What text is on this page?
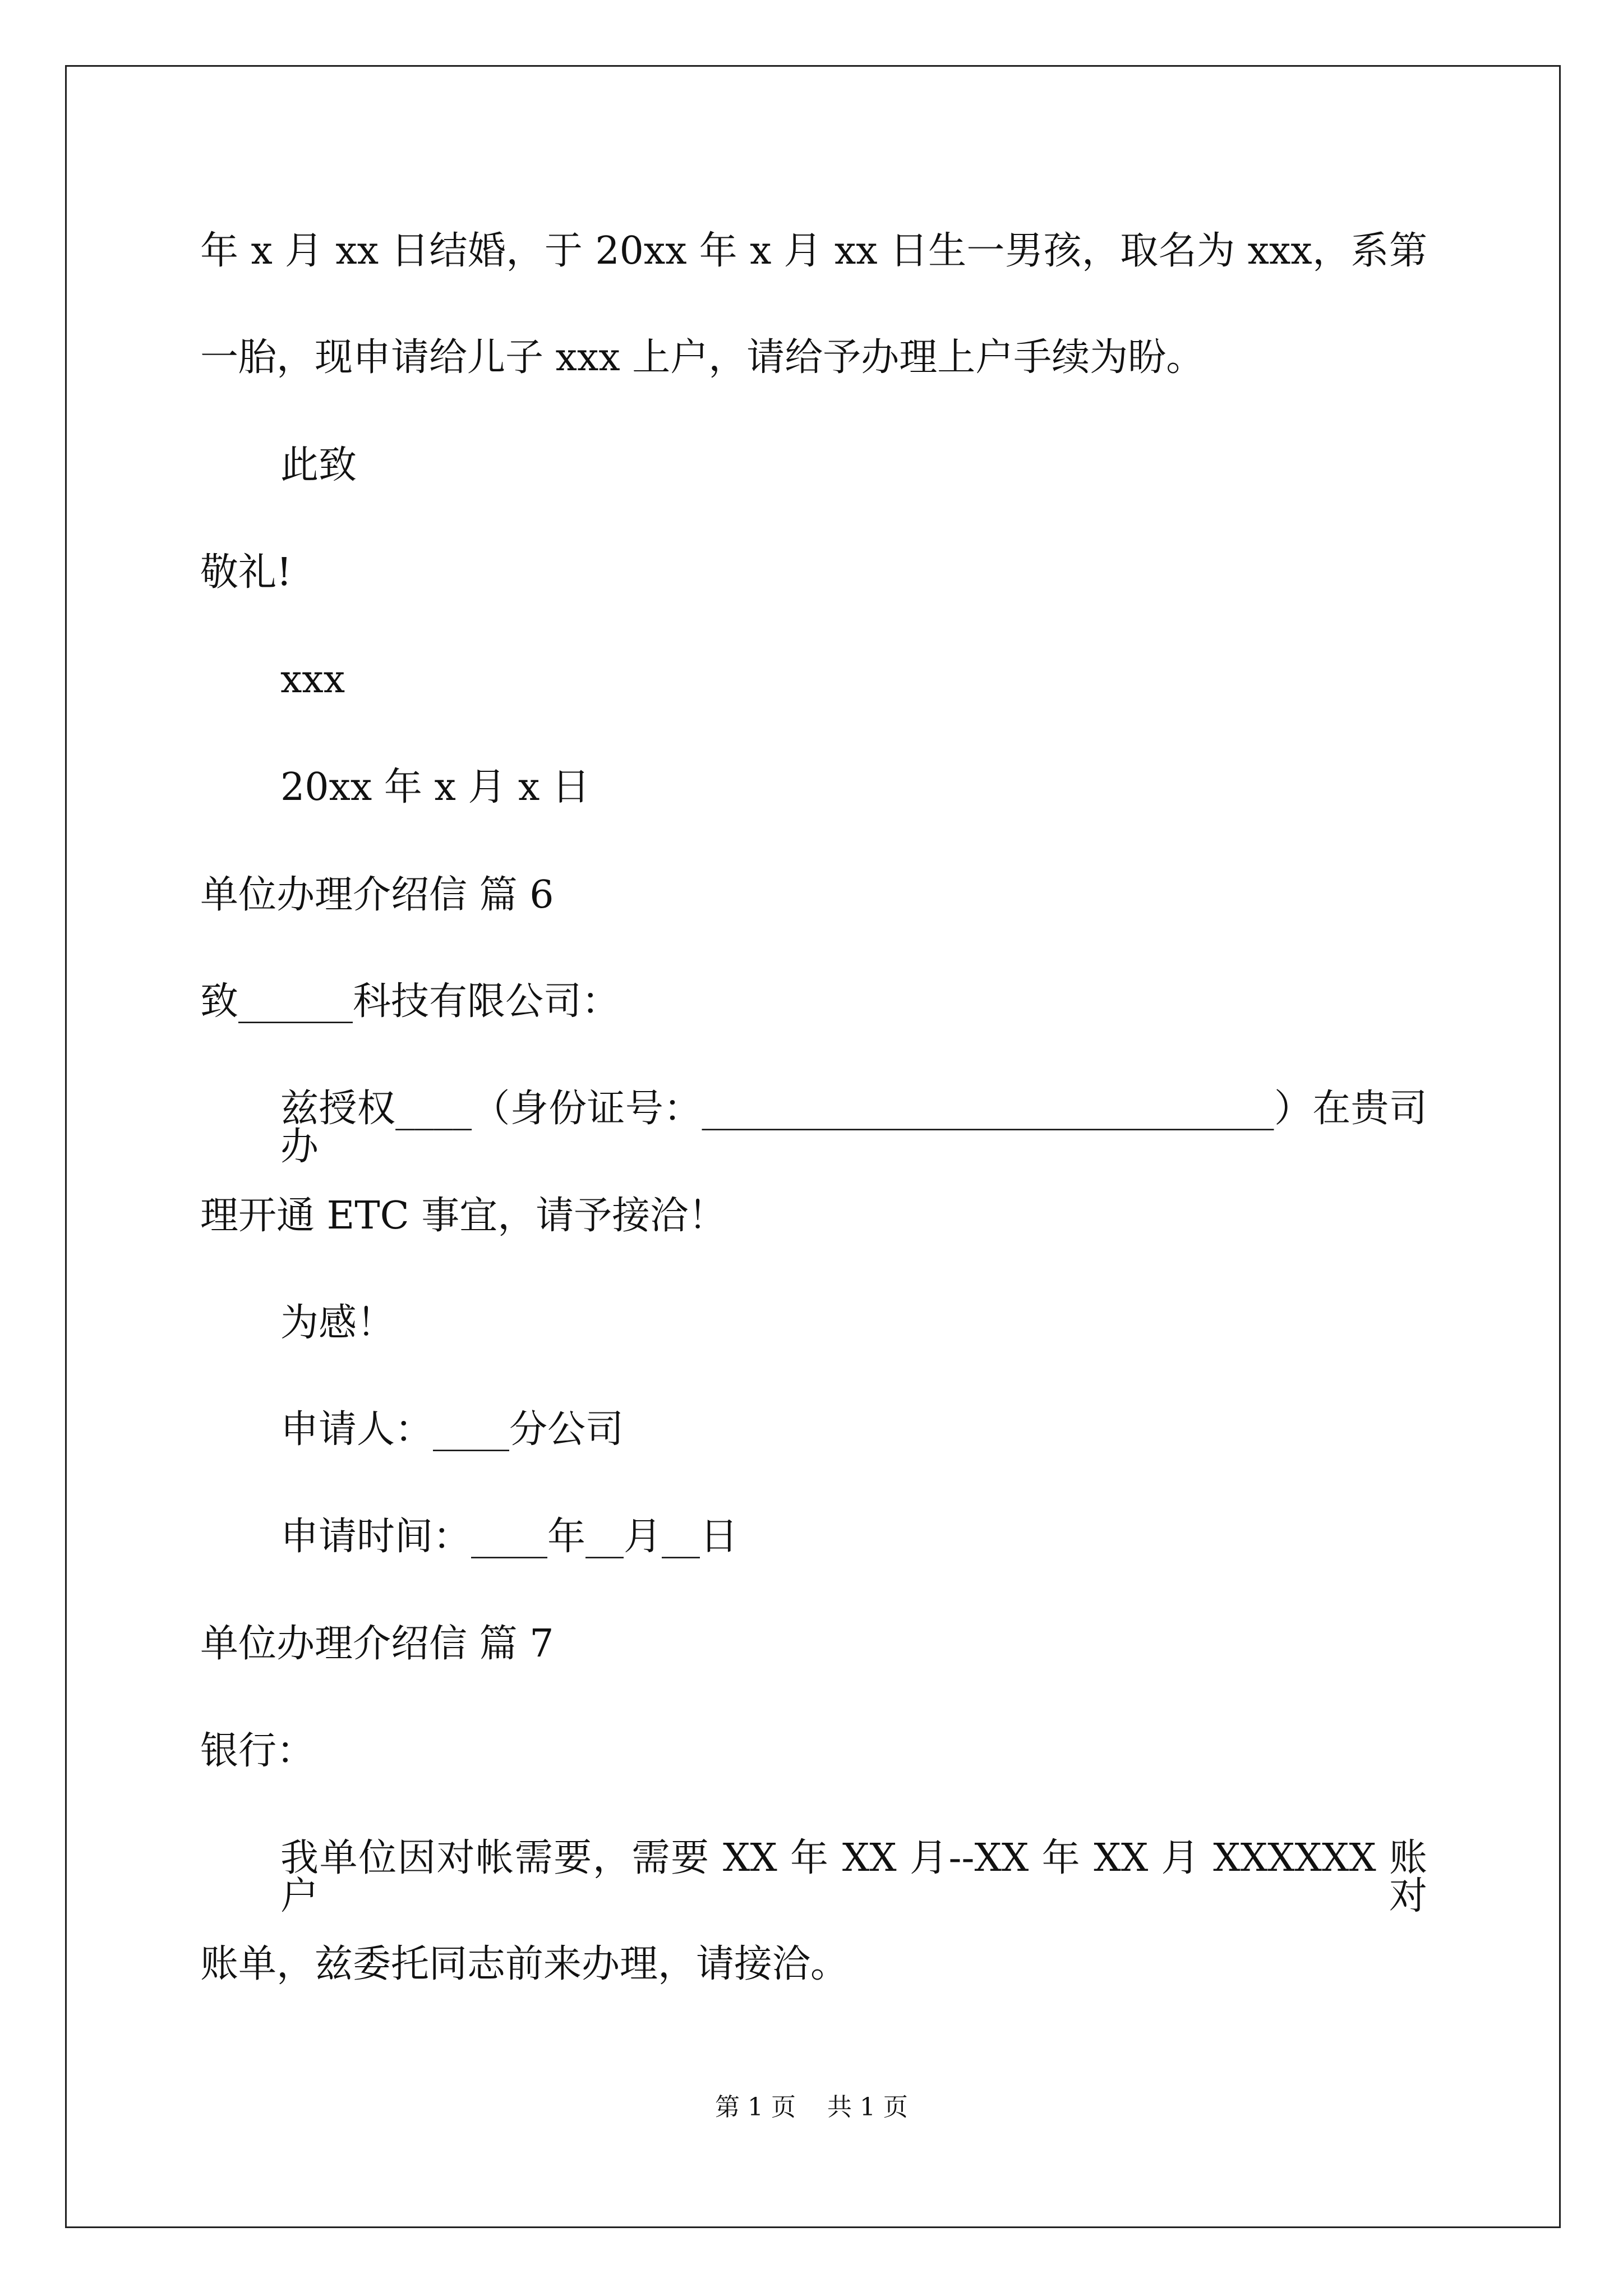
年 x 月 xx 日结婚，于 20xx 年 x 月 xx 日生一男孩，取名为 xxx，系第
一胎，现申请给儿子 xxx 上户，请给予办理上户手续为盼。
此致
敬礼!
xxx
20xx 年 x 月 x 日
单位办理介绍信 篇 6
致______科技有限公司：
兹授权____（身份证号：______________________________）在贵司办
理开通 ETC 事宜，请予接洽！
为感！
申请人：____分公司
申请时间：____年__月__日
单位办理介绍信 篇 7
银行：
我单位因对帐需要，需要 XX 年 XX 月--XX 年 XX 月 XXXXXX 账户对
账单，兹委托同志前来办理，请接洽。
第 1 页    共 1 页
